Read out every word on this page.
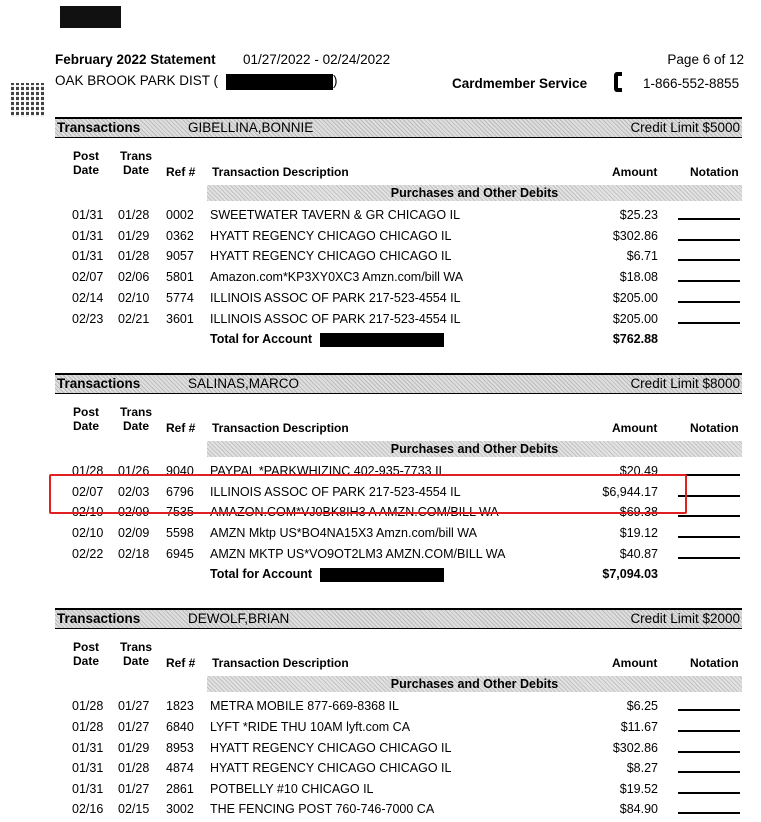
February 2022 Statement 01/27/2022 - 02/24/2022	Page 6 of 12
OAK BROOK PARK DIST (	)	Cardmember Service	1-866-552-8855
Transactions	GIBELLINA,BONNIE	Credit Limit $5000
Post
Date
Trans
Date Ref # Transaction Description	Amount	Notation
Purchases and Other Debits
01/31 01/28 0002 SWEETWATER TAVERN & GR CHICAGO IL	$25.23
01/31 01/29 0362 HYATT REGENCY CHICAGO CHICAGO IL	$302.86
01/31 01/28 9057 HYATT REGENCY CHICAGO CHICAGO IL	$6.71
02/07 02/06 5801 Amazon.com*KP3XY0XC3 Amzn.com/bill WA	$18.08
02/14 02/10 5774 ILLINOIS ASSOC OF PARK 217-523-4554 IL	$205.00
02/23 02/21 3601 ILLINOIS ASSOC OF PARK 217-523-4554 IL	$205.00
Total for Account	$762.88
Transactions	SALINAS,MARCO	Credit Limit $8000
Post
Date
Trans
Date Ref # Transaction Description	Amount	Notation
Purchases and Other Debits
01/28 01/26 9040 PAYPAL *PARKWHIZINC 402-935-7733 IL	$20.49
02/07 02/03 6796 ILLINOIS ASSOC OF PARK 217-523-4554 IL	$6,944.17
02/10 02/09 7535 AMAZON.COM*VJ0BK8IH3 A AMZN.COM/BILL WA	$69.38
02/10 02/09 5598 AMZN Mktp US*BO4NA15X3 Amzn.com/bill WA	$19.12
02/22 02/18 6945 AMZN MKTP US*VO9OT2LM3 AMZN.COM/BILL WA	$40.87
Total for Account	$7,094.03
Transactions	DEWOLF,BRIAN	Credit Limit $2000
Post
Date
Trans
Date Ref # Transaction Description	Amount	Notation
Purchases and Other Debits
01/28 01/27 1823 METRA MOBILE 877-669-8368 IL	$6.25
01/28 01/27 6840 LYFT *RIDE THU 10AM lyft.com CA	$11.67
01/31 01/29 8953 HYATT REGENCY CHICAGO CHICAGO IL	$302.86
01/31 01/28 4874 HYATT REGENCY CHICAGO CHICAGO IL	$8.27
01/31 01/27 2861 POTBELLY #10 CHICAGO IL	$19.52
02/16 02/15 3002 THE FENCING POST 760-746-7000 CA	$84.90
